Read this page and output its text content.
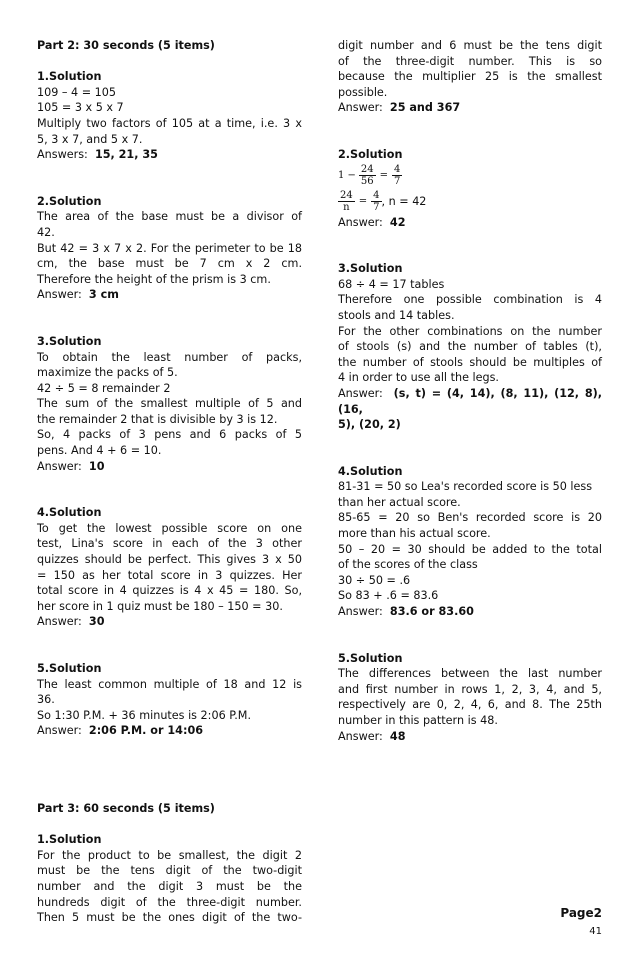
Part 2: 30 seconds (5 items)
1.Solution
109 – 4 = 105
105 = 3 x 5 x 7
Multiply two factors of 105 at a time, i.e. 3 x
5, 3 x 7, and 5 x 7.
Answers: 15, 21, 35
2.Solution
The area of the base must be a divisor of
42.
But 42 = 3 x 7 x 2. For the perimeter to be 18
cm, the base must be 7 cm x 2 cm.
Therefore the height of the prism is 3 cm.
Answer: 3 cm
3.Solution
To obtain the least number of packs,
maximize the packs of 5.
42 ÷ 5 = 8 remainder 2
The sum of the smallest multiple of 5 and
the remainder 2 that is divisible by 3 is 12.
So, 4 packs of 3 pens and 6 packs of 5
pens. And 4 + 6 = 10.
Answer: 10
4.Solution
To get the lowest possible score on one
test, Lina's score in each of the 3 other
quizzes should be perfect. This gives 3 x 50
= 150 as her total score in 3 quizzes. Her
total score in 4 quizzes is 4 x 45 = 180. So,
her score in 1 quiz must be 180 – 150 = 30.
Answer: 30
5.Solution
The least common multiple of 18 and 12 is
36.
So 1:30 P.M. + 36 minutes is 2:06 P.M.
Answer: 2:06 P.M. or 14:06
Part 3: 60 seconds (5 items)
1.Solution
For the product to be smallest, the digit 2
must be the tens digit of the two-digit
number and the digit 3 must be the
hundreds digit of the three-digit number.
Then 5 must be the ones digit of the two-
digit number and 6 must be the tens digit
of the three-digit number. This is so
because the multiplier 25 is the smallest
possible.
Answer: 25 and 367
2.Solution
$1 - \frac{24}{56} = \frac{4}{7}$
$\frac{24}{n} = \frac{4}{7}$ , n = 42
Answer: 42
3.Solution
68 ÷ 4 = 17 tables
Therefore one possible combination is 4
stools and 14 tables.
For the other combinations on the number
of stools (s) and the number of tables (t),
the number of stools should be multiples of
4 in order to use all the legs.
Answer: (s, t) = (4, 14), (8, 11), (12, 8), (16,
5), (20, 2)
4.Solution
81-31 = 50 so Lea's recorded score is 50 less
than her actual score.
85-65 = 20 so Ben's recorded score is 20
more than his actual score.
50 – 20 = 30 should be added to the total
of the scores of the class
30 ÷ 50 = .6
So 83 + .6 = 83.6
Answer: 83.6 or 83.60
5.Solution
The differences between the last number
and first number in rows 1, 2, 3, 4, and 5,
respectively are 0, 2, 4, 6, and 8. The 25th
number in this pattern is 48.
Answer: 48
Page2
41
